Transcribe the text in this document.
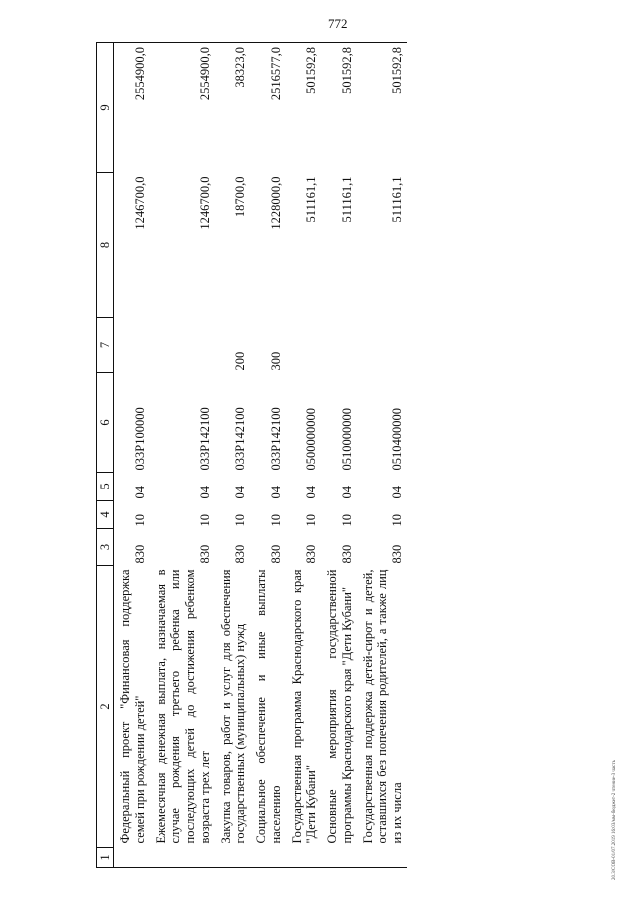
772
20.3/СОВ-01/07.2019 16:03/мм-бюджет-2 чтение-3 часть
1	2	3	4	5	6	7	8	9
	Федеральный проект "Финансовая поддержка семей при рождении детей"	830	10	04	033P100000		1246700,0	2554900,0
	Ежемесячная денежная выплата, назначаемая в случае рождения третьего ребенка или последующих детей до достижения ребенком возраста трех лет	830	10	04	033P142100		1246700,0	2554900,0
	Закупка товаров, работ и услуг для обеспечения государственных (муниципальных) нужд	830	10	04	033P142100	200	18700,0	38323,0
	Социальное обеспечение и иные выплаты населению	830	10	04	033P142100	300	1228000,0	2516577,0
	Государственная программа Краснодарского края "Дети Кубани"	830	10	04	0500000000		511161,1	501592,8
	Основные мероприятия государственной программы Краснодарского края "Дети Кубани"	830	10	04	0510000000		511161,1	501592,8
	Государственная поддержка детей-сирот и детей, оставшихся без попечения родителей, а также лиц из их числа	830	10	04	0510400000		511161,1	501592,8
